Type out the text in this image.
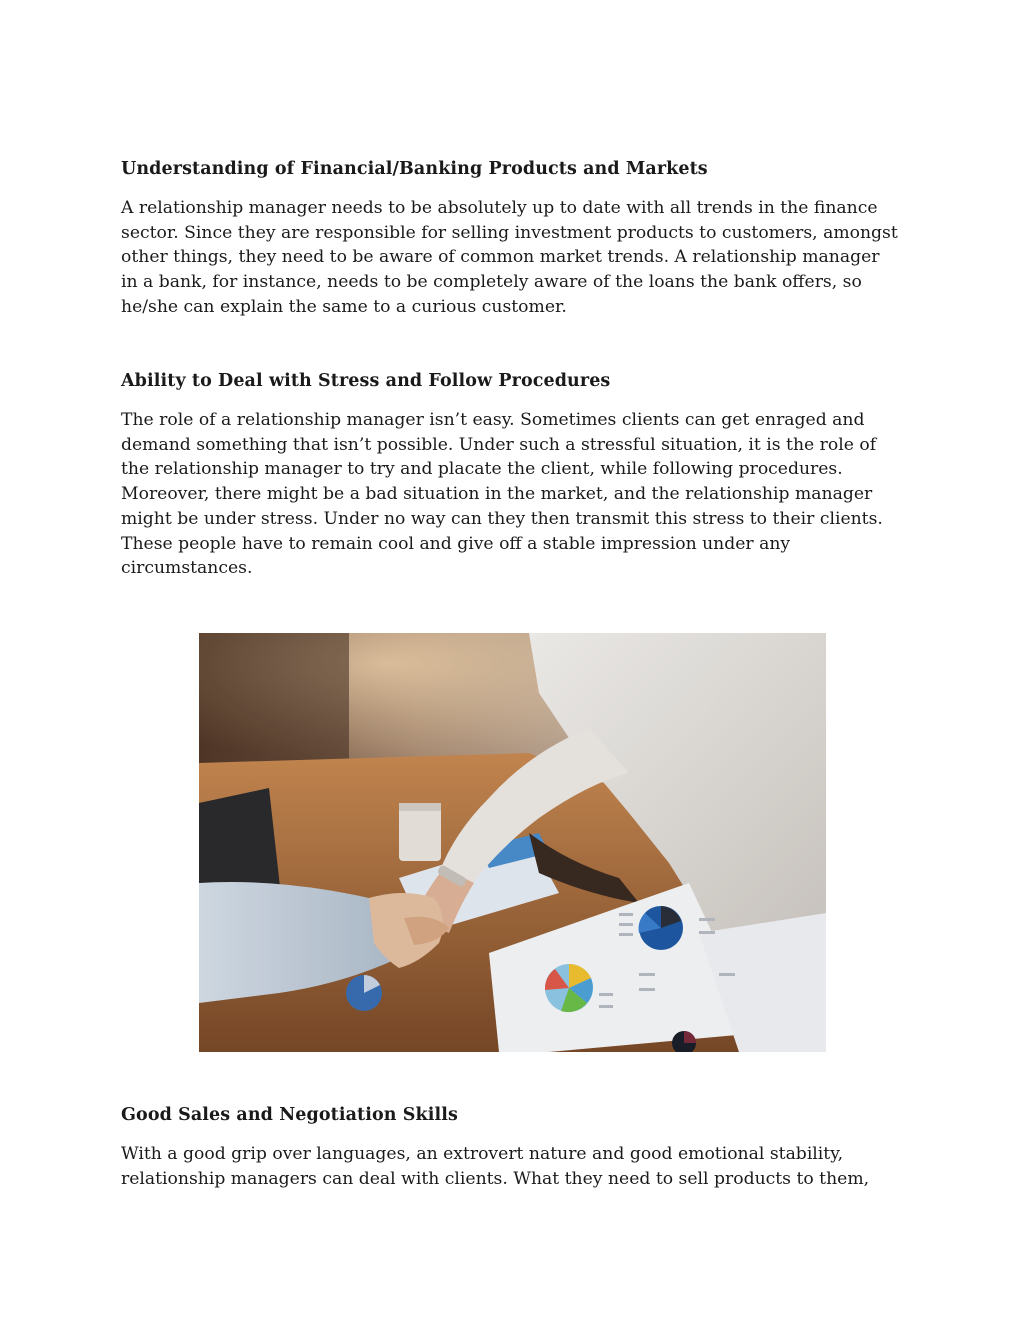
Understanding of Financial/Banking Products and Markets
A relationship manager needs to be absolutely up to date with all trends in the finance
sector. Since they are responsible for selling investment products to customers, amongst
other things, they need to be aware of common market trends. A relationship manager
in a bank, for instance, needs to be completely aware of the loans the bank offers, so
he/she can explain the same to a curious customer.
Ability to Deal with Stress and Follow Procedures
The role of a relationship manager isn’t easy. Sometimes clients can get enraged and
demand something that isn’t possible. Under such a stressful situation, it is the role of
the relationship manager to try and placate the client, while following procedures.
Moreover, there might be a bad situation in the market, and the relationship manager
might be under stress. Under no way can they then transmit this stress to their clients.
These people have to remain cool and give off a stable impression under any
circumstances.
Good Sales and Negotiation Skills
With a good grip over languages, an extrovert nature and good emotional stability,
relationship managers can deal with clients. What they need to sell products to them,
